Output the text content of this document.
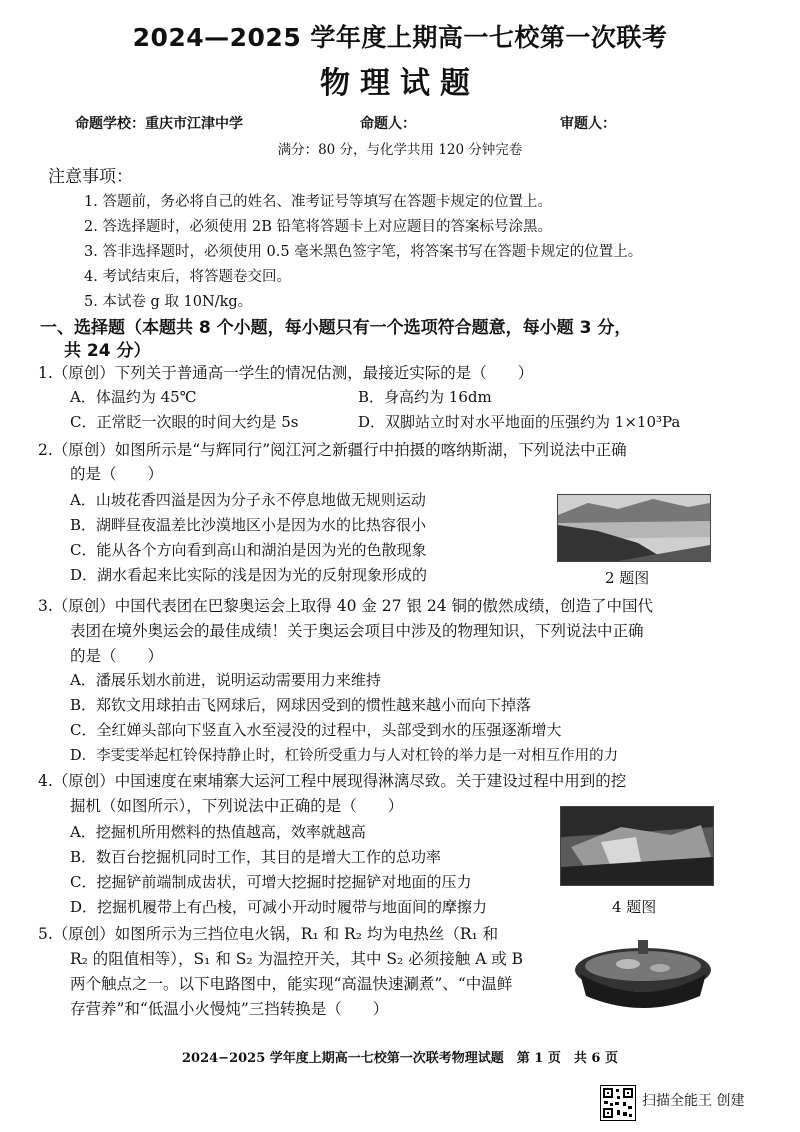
2024—2025 学年度上期高一七校第一次联考
物理试题
命题学校：重庆市江津中学	命题人：	审题人：
满分：80 分，与化学共用 120 分钟完卷
注意事项：
1. 答题前，务必将自己的姓名、准考证号等填写在答题卡规定的位置上。
2. 答选择题时，必须使用 2B 铅笔将答题卡上对应题目的答案标号涂黑。
3. 答非选择题时，必须使用 0.5 毫米黑色签字笔，将答案书写在答题卡规定的位置上。
4. 考试结束后，将答题卷交回。
5. 本试卷 g 取 10N/kg。
一、选择题（本题共 8 个小题，每小题只有一个选项符合题意，每小题 3 分，
共 24 分）
1.（原创）下列关于普通高一学生的情况估测，最接近实际的是（　　）
A．体温约为 45℃	B．身高约为 16dm
C．正常眨一次眼的时间大约是 5s	D．双脚站立时对水平地面的压强约为 1×10³Pa
2.（原创）如图所示是“与辉同行”阅江河之新疆行中拍摄的喀纳斯湖，下列说法中正确
的是（　　）
A．山坡花香四溢是因为分子永不停息地做无规则运动
B．湖畔昼夜温差比沙漠地区小是因为水的比热容很小
C．能从各个方向看到高山和湖泊是因为光的色散现象
D．湖水看起来比实际的浅是因为光的反射现象形成的	2 题图
3.（原创）中国代表团在巴黎奥运会上取得 40 金 27 银 24 铜的傲然成绩，创造了中国代
表团在境外奥运会的最佳成绩！关于奥运会项目中涉及的物理知识，下列说法中正确
的是（　　）
A．潘展乐划水前进，说明运动需要用力来维持
B．郑钦文用球拍击飞网球后，网球因受到的惯性越来越小而向下掉落
C．全红婵头部向下竖直入水至浸没的过程中，头部受到水的压强逐渐增大
D．李雯雯举起杠铃保持静止时，杠铃所受重力与人对杠铃的举力是一对相互作用的力
4.（原创）中国速度在柬埔寨大运河工程中展现得淋漓尽致。关于建设过程中用到的挖
掘机（如图所示），下列说法中正确的是（　　）
A．挖掘机所用燃料的热值越高，效率就越高
B．数百台挖掘机同时工作，其目的是增大工作的总功率
C．挖掘铲前端制成齿状，可增大挖掘时挖掘铲对地面的压力
D．挖掘机履带上有凸棱，可减小开动时履带与地面间的摩擦力	4 题图
5.（原创）如图所示为三挡位电火锅，R₁ 和 R₂ 均为电热丝（R₁ 和
R₂ 的阻值相等），S₁ 和 S₂ 为温控开关，其中 S₂ 必须接触 A 或 B
两个触点之一。以下电路图中，能实现“高温快速涮煮”、“中温鲜
存营养”和“低温小火慢炖”三挡转换是（　　）
2024−2025 学年度上期高一七校第一次联考物理试题　第 1 页　共 6 页
扫描全能王 创建
